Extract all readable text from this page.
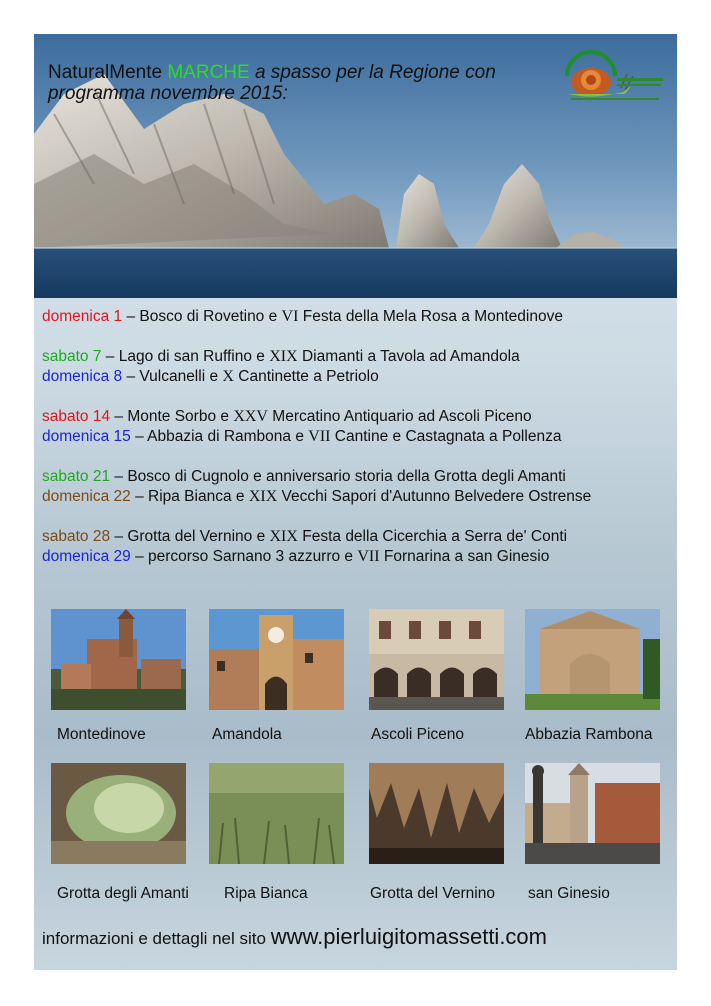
NaturalMente MARCHE a spasso per la Regione con
programma novembre 2015:
domenica 1 – Bosco di Rovetino e VI Festa della Mela Rosa a Montedinove
sabato 7 – Lago di san Ruffino e XIX Diamanti a Tavola ad Amandola
domenica 8 – Vulcanelli e X Cantinette a Petriolo
sabato 14 – Monte Sorbo e XXV Mercatino Antiquario ad Ascoli Piceno
domenica 15 – Abbazia di Rambona e VII Cantine e Castagnata a Pollenza
sabato 21 – Bosco di Cugnolo e anniversario storia della Grotta degli Amanti
domenica 22 – Ripa Bianca e XIX Vecchi Sapori d'Autunno Belvedere Ostrense
sabato 28 – Grotta del Vernino e XIX Festa della Cicerchia a Serra de' Conti
domenica 29 – percorso Sarnano 3 azzurro e VII Fornarina a san Ginesio
Montedinove	Amandola	Ascoli Piceno	Abbazia Rambona
Grotta degli Amanti Ripa Bianca	Grotta del Vernino san Ginesio
informazioni e dettagli nel sito www.pierluigitomassetti.com
